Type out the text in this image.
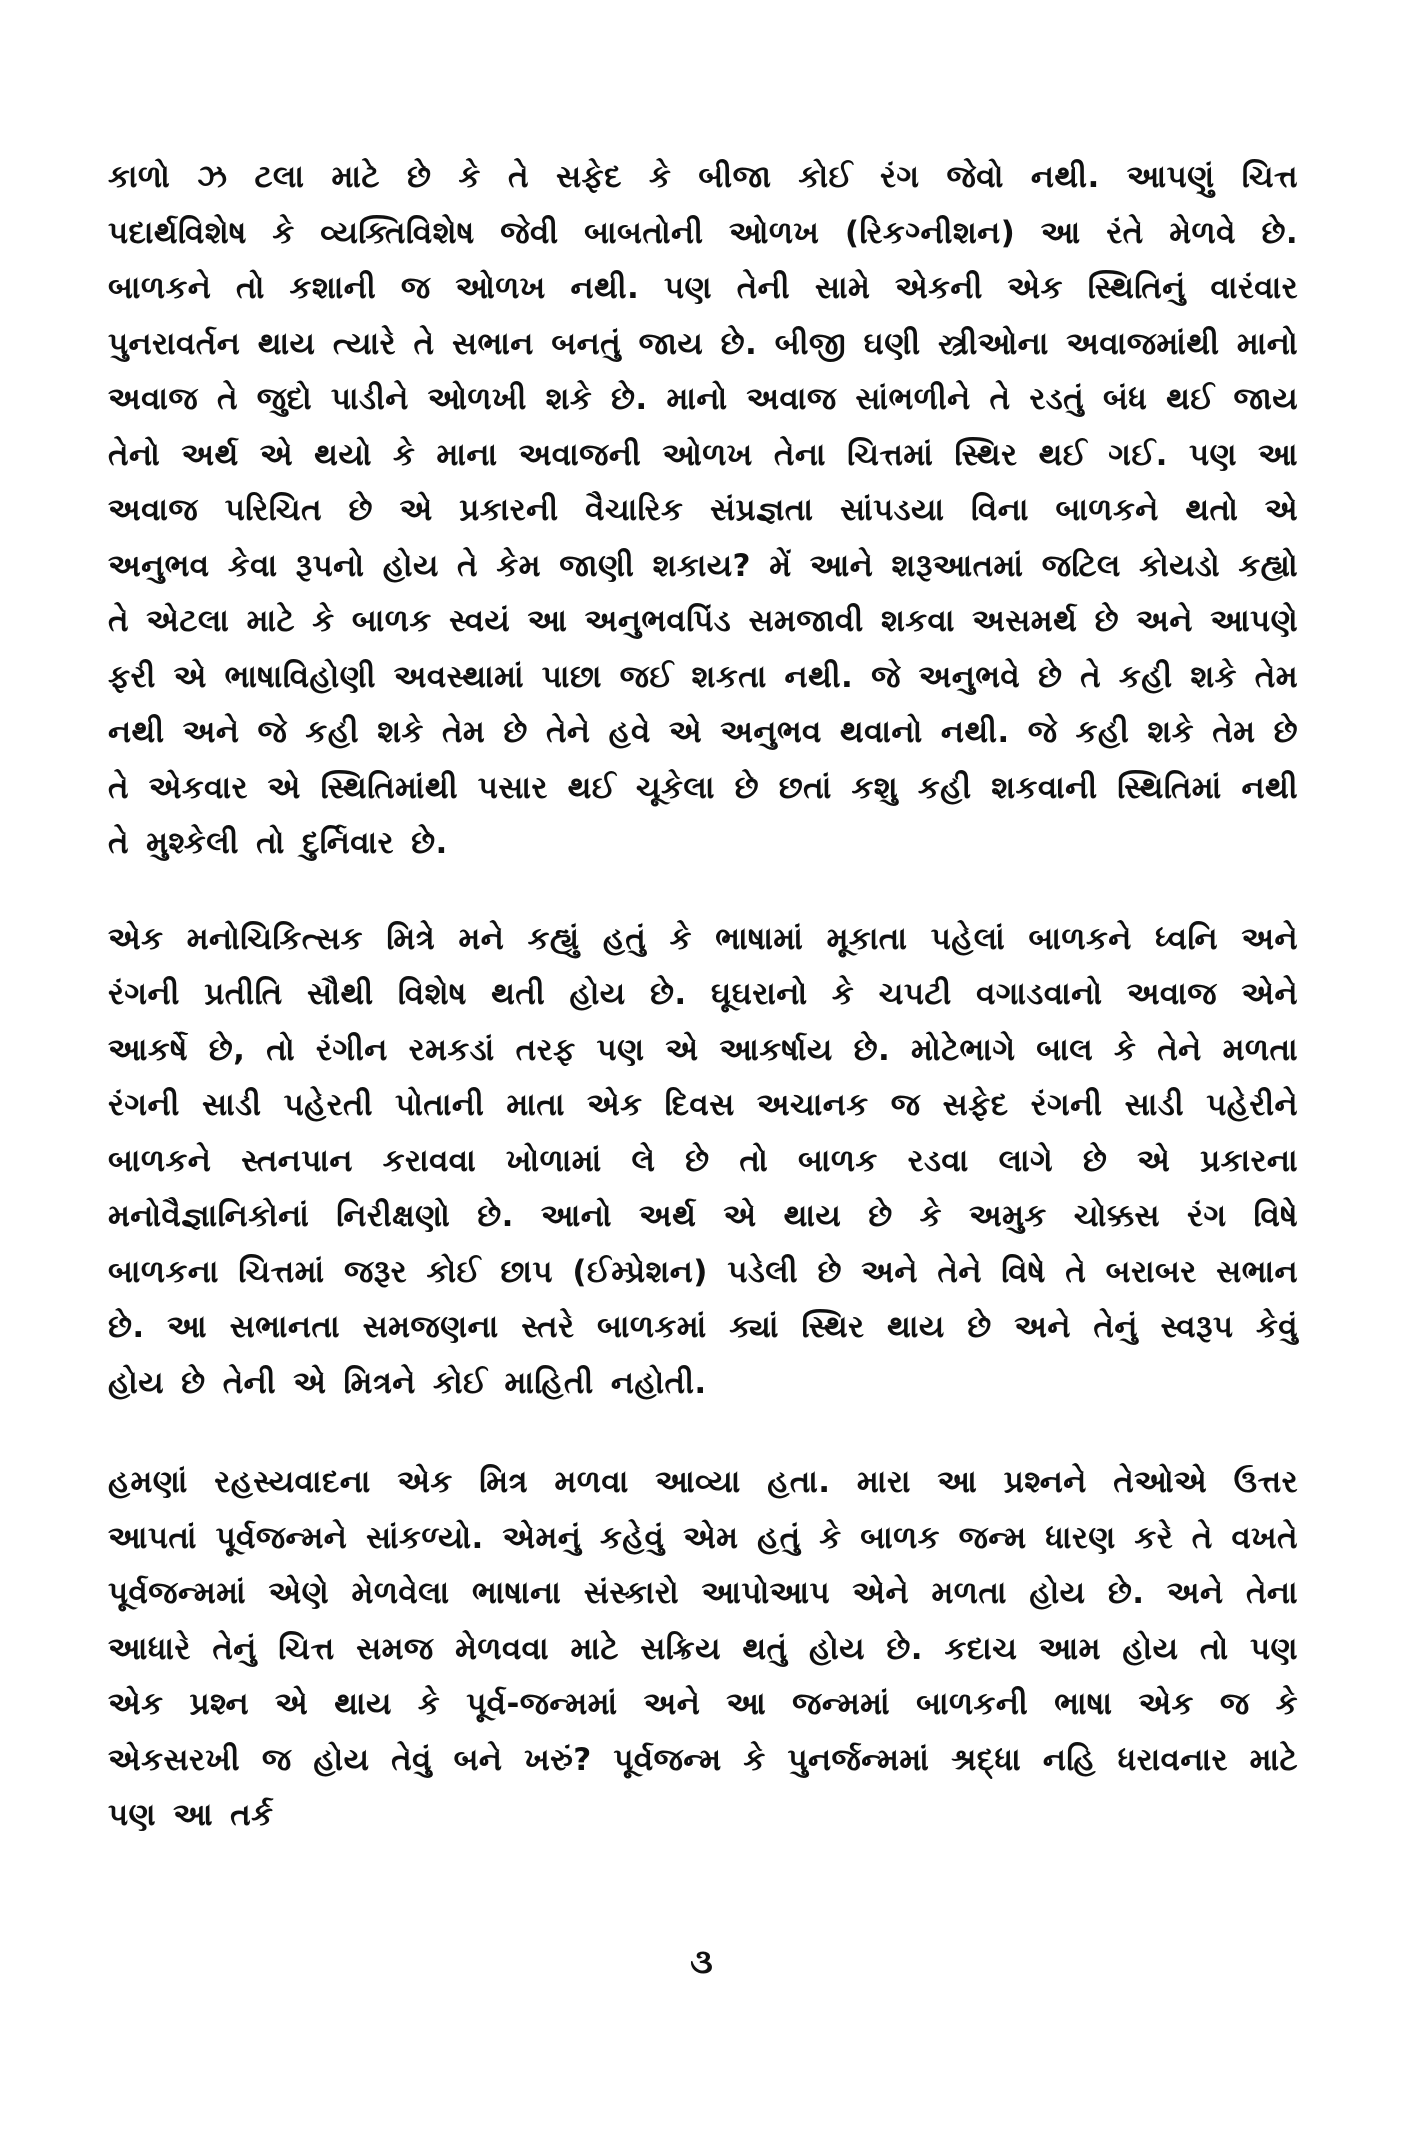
કાળો ઝ ટલા માટે છે કે તે સફેદ કે બીજા કોઈ રંગ જેવો નથી. આપણું ચિત્ત પદાર્થવિશેષ કે વ્યક્તિવિશેષ જેવી બાબતોની ઓળખ (રિકગ્નીશન) આ રંતે મેળવે છે. બાળકને તો કશાની જ ઓળખ નથી. પણ તેની સામે એકની એક સ્થિતિનું વારંવાર પુનરાવર્તન થાય ત્યારે તે સભાન બનતું જાય છે. બીજી ઘણી સ્ત્રીઓના અવાજમાંથી માનો અવાજ તે જુદો પાડીને ઓળખી શકે છે. માનો અવાજ સાંભળીને તે રડતું બંધ થઈ જાય તેનો અર્થ એ થયો કે માના અવાજની ઓળખ તેના ચિત્તમાં સ્થિર થઈ ગઈ. પણ આ અવાજ પરિચિત છે એ પ્રકારની વૈચારિક સંપ્રજ્ઞતા સાંપડયા વિના બાળકને થતો એ અનુભવ કેવા રૂપનો હોય તે કેમ જાણી શકાય? મેં આને શરૂઆતમાં જટિલ કોયડો કહ્યો તે એટલા માટે કે બાળક સ્વયં આ અનુભવપિંડ સમજાવી શકવા અસમર્થ છે અને આપણે ફરી એ ભાષાવિહોણી અવસ્થામાં પાછા જઈ શકતા નથી. જે અનુભવે છે તે કહી શકે તેમ નથી અને જે કહી શકે તેમ છે તેને હવે એ અનુભવ થવાનો નથી. જે કહી શકે તેમ છે તે એકવાર એ સ્થિતિમાંથી પસાર થઈ ચૂકેલા છે છતાં કશુ કહી શકવાની સ્થિતિમાં નથી તે મુશ્કેલી તો દુર્નિવાર છે.

એક મનોચિકિત્સક મિત્રે મને કહ્યું હતું કે ભાષામાં મૂકાતા પહેલાં બાળકને ધ્વનિ અને રંગની પ્રતીતિ સૌથી વિશેષ થતી હોય છે. ઘૂઘરાનો કે ચપટી વગાડવાનો અવાજ એને આકર્ષે છે, તો રંગીન રમકડાં તરફ પણ એ આકર્ષાય છે. મોટેભાગે બાલ કે તેને મળતા રંગની સાડી પહેરતી પોતાની માતા એક દિવસ અચાનક જ સફેદ રંગની સાડી પહેરીને બાળકને સ્તનપાન કરાવવા ખોળામાં લે છે તો બાળક રડવા લાગે છે એ પ્રકારના મનોવૈજ્ઞાનિકોનાં નિરીક્ષણો છે. આનો અર્થ એ થાય છે કે અમુક ચોક્કસ રંગ વિષે બાળકના ચિત્તમાં જરૂર કોઈ છાપ (ઈમ્પ્રેશન) પડેલી છે અને તેને વિષે તે બરાબર સભાન છે. આ સભાનતા સમજણના સ્તરે બાળકમાં ક્યાં સ્થિર થાય છે અને તેનું સ્વરૂપ કેવું હોય છે તેની એ મિત્રને કોઈ માહિતી નહોતી.

હમણાં રહસ્યવાદના એક મિત્ર મળવા આવ્યા હતા. મારા આ પ્રશ્નને તેઓએ ઉત્તર આપતાં પૂર્વજન્મને સાંકળ્યો. એમનું કહેવું એમ હતું કે બાળક જન્મ ધારણ કરે તે વખતે પૂર્વજન્મમાં એણે મેળવેલા ભાષાના સંસ્કારો આપોઆપ એને મળતા હોય છે. અને તેના આધારે તેનું ચિત્ત સમજ મેળવવા માટે સક્રિય થતું હોય છે. કદાચ આમ હોય તો પણ એક પ્રશ્ન એ થાય કે પૂર્વ-જન્મમાં અને આ જન્મમાં બાળકની ભાષા એક જ કે એકસરખી જ હોય તેવું બને ખરું? પૂર્વજન્મ કે પુનર્જન્મમાં શ્રદ્ધા નહિ ધરાવનાર માટે પણ આ તર્ક

૩
